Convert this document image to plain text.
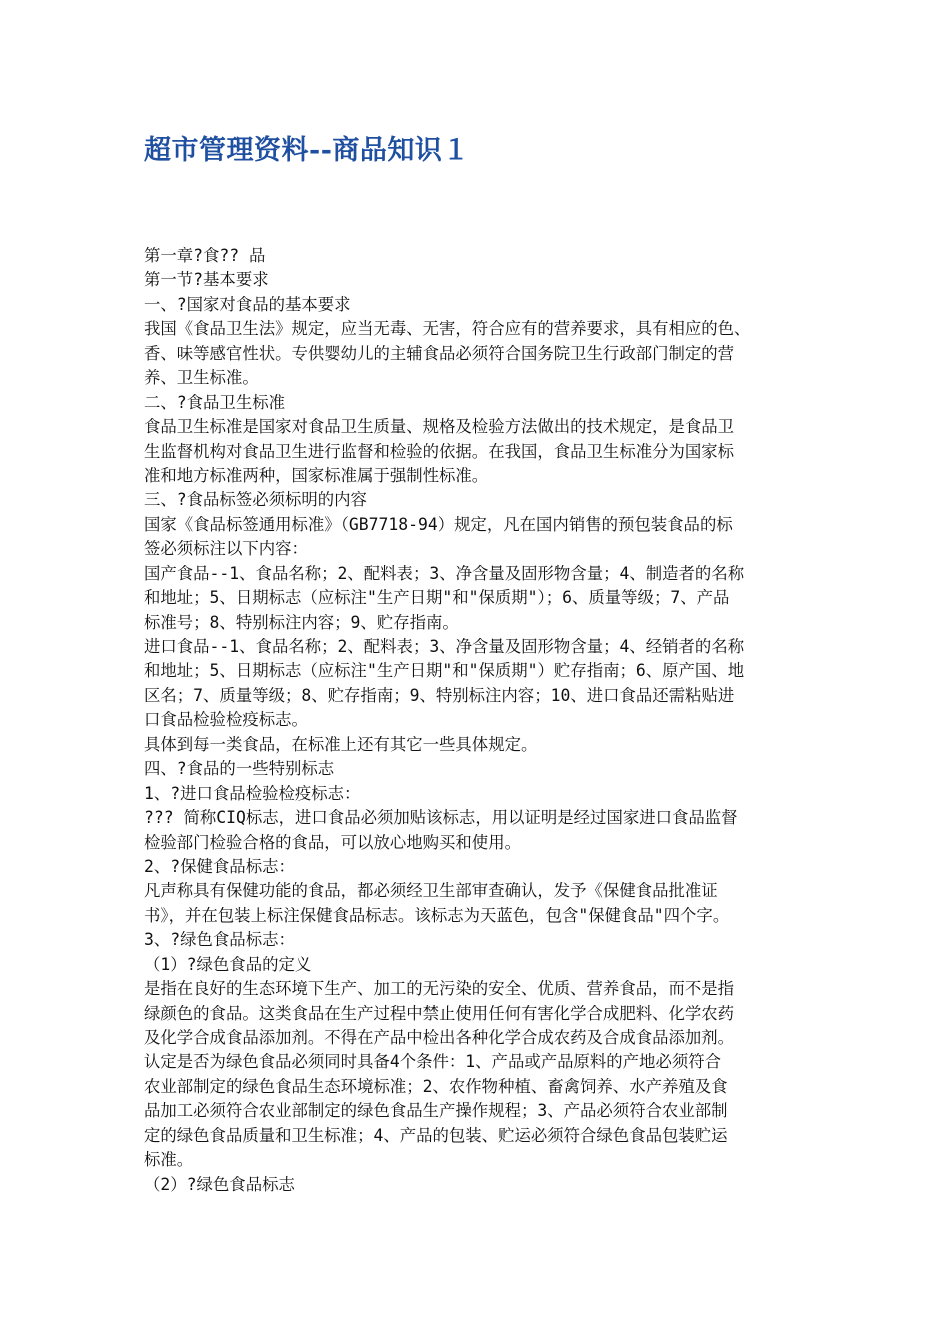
超市管理资料--商品知识１
第一章?食?? 品
第一节?基本要求
一、?国家对食品的基本要求
我国《食品卫生法》规定，应当无毒、无害，符合应有的营养要求，具有相应的色、
香、味等感官性状。专供婴幼儿的主辅食品必须符合国务院卫生行政部门制定的营
养、卫生标准。
二、?食品卫生标准
食品卫生标准是国家对食品卫生质量、规格及检验方法做出的技术规定，是食品卫
生监督机构对食品卫生进行监督和检验的依据。在我国，食品卫生标准分为国家标
准和地方标准两种，国家标准属于强制性标准。
三、?食品标签必须标明的内容
国家《食品标签通用标准》（GB7718-94）规定，凡在国内销售的预包装食品的标
签必须标注以下内容：
国产食品--1、食品名称；2、配料表；3、净含量及固形物含量；4、制造者的名称
和地址；5、日期标志（应标注"生产日期"和"保质期"）；6、质量等级；7、产品
标准号；8、特别标注内容；9、贮存指南。
进口食品--1、食品名称；2、配料表；3、净含量及固形物含量；4、经销者的名称
和地址；5、日期标志（应标注"生产日期"和"保质期"）贮存指南；6、原产国、地
区名；7、质量等级；8、贮存指南；9、特别标注内容；10、进口食品还需粘贴进
口食品检验检疫标志。
具体到每一类食品，在标准上还有其它一些具体规定。
四、?食品的一些特别标志
1、?进口食品检验检疫标志：
??? 简称CIQ标志，进口食品必须加贴该标志，用以证明是经过国家进口食品监督
检验部门检验合格的食品，可以放心地购买和使用。
2、?保健食品标志：
凡声称具有保健功能的食品，都必须经卫生部审查确认，发予《保健食品批准证
书》，并在包装上标注保健食品标志。该标志为天蓝色，包含"保健食品"四个字。
3、?绿色食品标志：
（1）?绿色食品的定义
是指在良好的生态环境下生产、加工的无污染的安全、优质、营养食品，而不是指
绿颜色的食品。这类食品在生产过程中禁止使用任何有害化学合成肥料、化学农药
及化学合成食品添加剂。不得在产品中检出各种化学合成农药及合成食品添加剂。
认定是否为绿色食品必须同时具备4个条件：1、产品或产品原料的产地必须符合
农业部制定的绿色食品生态环境标准；2、农作物种植、畜禽饲养、水产养殖及食
品加工必须符合农业部制定的绿色食品生产操作规程；3、产品必须符合农业部制
定的绿色食品质量和卫生标准；4、产品的包装、贮运必须符合绿色食品包装贮运
标准。
（2）?绿色食品标志
